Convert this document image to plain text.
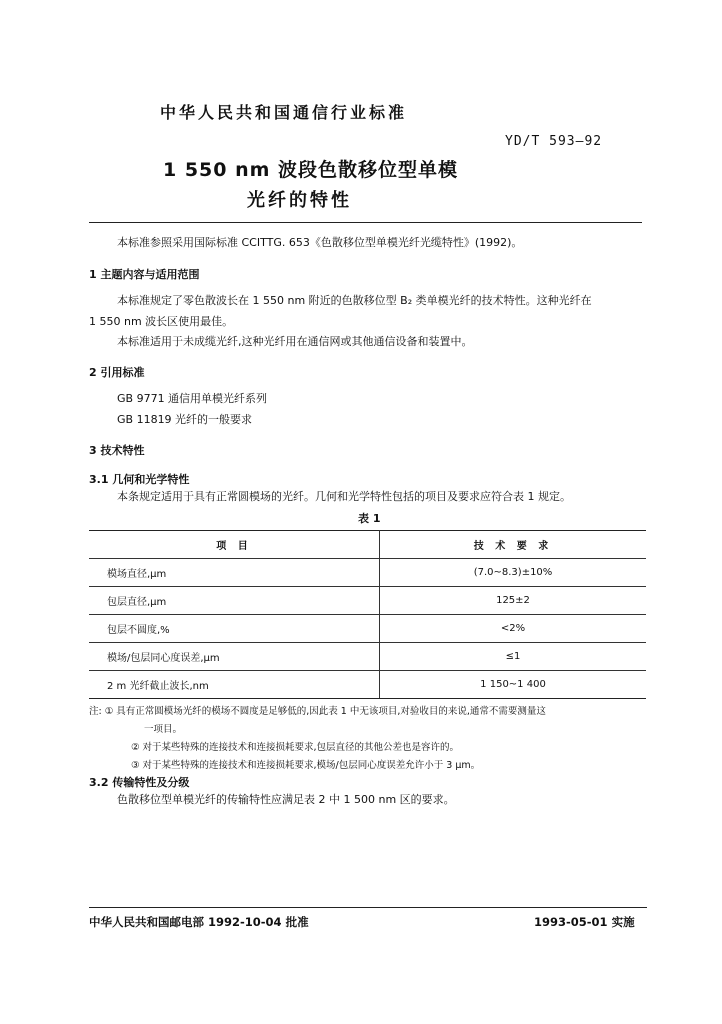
中华人民共和国通信行业标准
YD/T 593—92
1 550 nm 波段色散移位型单模
光纤的特性
本标准参照采用国际标准 CCITTG. 653《色散移位型单模光纤光缆特性》(1992)。
1 主题内容与适用范围
本标准规定了零色散波长在 1 550 nm 附近的色散移位型 B₂ 类单模光纤的技术特性。这种光纤在
1 550 nm 波长区使用最佳。
本标准适用于未成缆光纤,这种光纤用在通信网或其他通信设备和装置中。
2 引用标准
GB 9771 通信用单模光纤系列
GB 11819 光纤的一般要求
3 技术特性
3.1 几何和光学特性
本条规定适用于具有正常圆模场的光纤。几何和光学特性包括的项目及要求应符合表 1 规定。
表 1
项 目	技 术 要 求
模场直径,μm	(7.0~8.3)±10%
包层直径,μm	125±2
包层不圆度,%	<2%
模场/包层同心度误差,μm	≤1
2 m 光纤截止波长,nm	1 150~1 400
注: ① 具有正常圆模场光纤的模场不圆度是足够低的,因此表 1 中无该项目,对验收目的来说,通常不需要测量这
一项目。
② 对于某些特殊的连接技术和连接损耗要求,包层直径的其他公差也是容许的。
③ 对于某些特殊的连接技术和连接损耗要求,模场/包层同心度误差允许小于 3 μm。
3.2 传输特性及分级
色散移位型单模光纤的传输特性应满足表 2 中 1 500 nm 区的要求。
中华人民共和国邮电部 1992-10-04 批准	1993-05-01 实施
